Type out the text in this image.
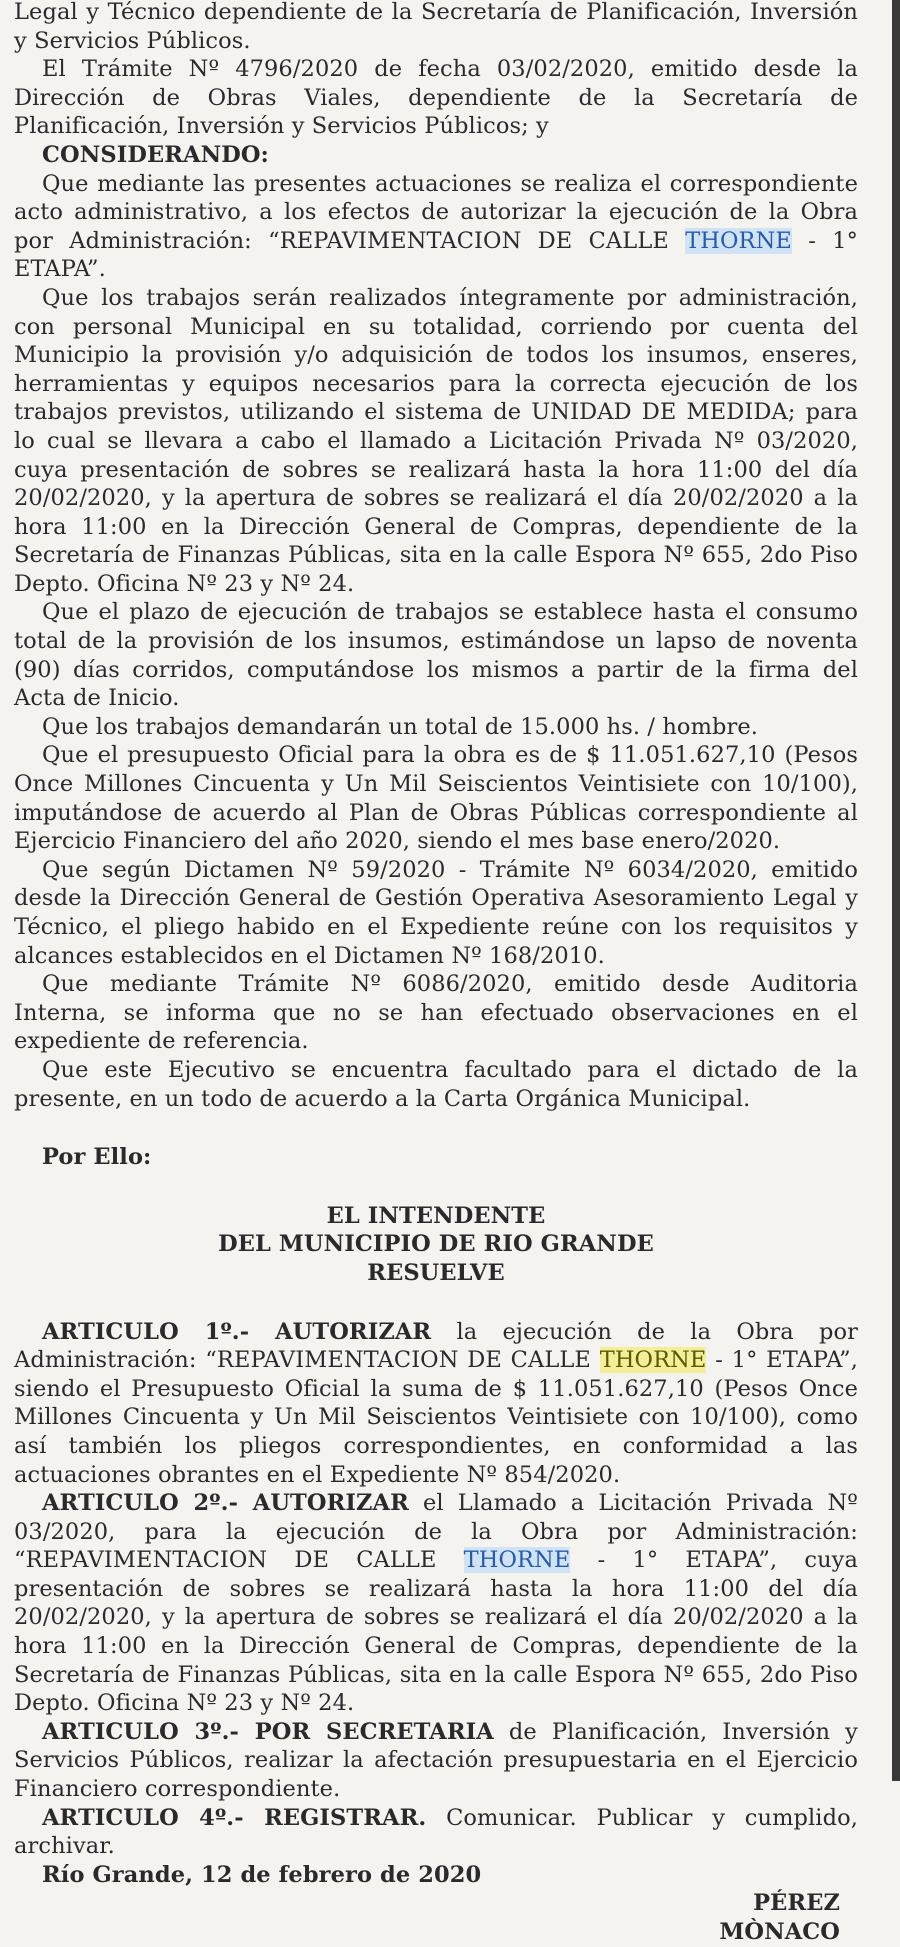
Legal y Técnico dependiente de la Secretaría de Planificación, Inversión y Servicios Públicos.

El Trámite Nº 4796/2020 de fecha 03/02/2020, emitido desde la Dirección de Obras Viales, dependiente de la Secretaría de Planificación, Inversión y Servicios Públicos; y

CONSIDERANDO:

Que mediante las presentes actuaciones se realiza el correspondiente acto administrativo, a los efectos de autorizar la ejecución de la Obra por Administración: “REPAVIMENTACION DE CALLE THORNE - 1° ETAPA”.

Que los trabajos serán realizados íntegramente por administración, con personal Municipal en su totalidad, corriendo por cuenta del Municipio la provisión y/o adquisición de todos los insumos, enseres, herramientas y equipos necesarios para la correcta ejecución de los trabajos previstos, utilizando el sistema de UNIDAD DE MEDIDA; para lo cual se llevara a cabo el llamado a Licitación Privada Nº 03/2020, cuya presentación de sobres se realizará hasta la hora 11:00 del día 20/02/2020, y la apertura de sobres se realizará el día 20/02/2020 a la hora 11:00 en la Dirección General de Compras, dependiente de la Secretaría de Finanzas Públicas, sita en la calle Espora Nº 655, 2do Piso Depto. Oficina Nº 23 y Nº 24.

Que el plazo de ejecución de trabajos se establece hasta el consumo total de la provisión de los insumos, estimándose un lapso de noventa (90) días corridos, computándose los mismos a partir de la firma del Acta de Inicio.

Que los trabajos demandarán un total de 15.000 hs. / hombre.

Que el presupuesto Oficial para la obra es de $ 11.051.627,10 (Pesos Once Millones Cincuenta y Un Mil Seiscientos Veintisiete con 10/100), imputándose de acuerdo al Plan de Obras Públicas correspondiente al Ejercicio Financiero del año 2020, siendo el mes base enero/2020.

Que según Dictamen Nº 59/2020 - Trámite Nº 6034/2020, emitido desde la Dirección General de Gestión Operativa Asesoramiento Legal y Técnico, el pliego habido en el Expediente reúne con los requisitos y alcances establecidos en el Dictamen Nº 168/2010.

Que mediante Trámite Nº 6086/2020, emitido desde Auditoria Interna, se informa que no se han efectuado observaciones en el expediente de referencia.

Que este Ejecutivo se encuentra facultado para el dictado de la presente, en un todo de acuerdo a la Carta Orgánica Municipal.

Por Ello:

EL INTENDENTE

DEL MUNICIPIO DE RIO GRANDE

RESUELVE

ARTICULO 1º.- AUTORIZAR la ejecución de la Obra por Administración: “REPAVIMENTACION DE CALLE THORNE - 1° ETAPA”, siendo el Presupuesto Oficial la suma de $ 11.051.627,10 (Pesos Once Millones Cincuenta y Un Mil Seiscientos Veintisiete con 10/100), como así también los pliegos correspondientes, en conformidad a las actuaciones obrantes en el Expediente Nº 854/2020.

ARTICULO 2º.- AUTORIZAR el Llamado a Licitación Privada Nº 03/2020, para la ejecución de la Obra por Administración: “REPAVIMENTACION DE CALLE THORNE - 1° ETAPA”, cuya presentación de sobres se realizará hasta la hora 11:00 del día 20/02/2020, y la apertura de sobres se realizará el día 20/02/2020 a la hora 11:00 en la Dirección General de Compras, dependiente de la Secretaría de Finanzas Públicas, sita en la calle Espora Nº 655, 2do Piso Depto. Oficina Nº 23 y Nº 24.

ARTICULO 3º.- POR SECRETARIA de Planificación, Inversión y Servicios Públicos, realizar la afectación presupuestaria en el Ejercicio Financiero correspondiente.

ARTICULO 4º.- REGISTRAR. Comunicar. Publicar y cumplido, archivar.

Río Grande, 12 de febrero de 2020

PÉREZ

MÒNACO
